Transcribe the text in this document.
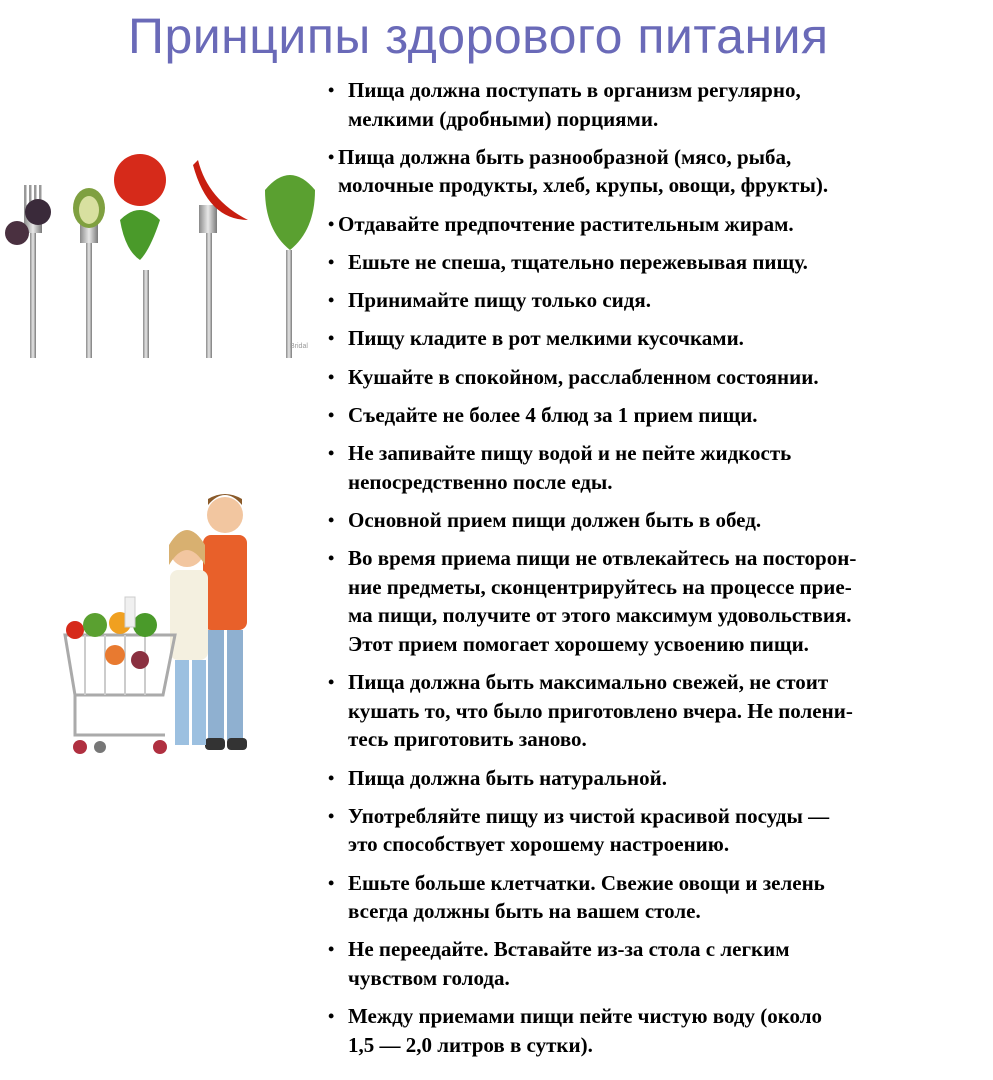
Принципы здорового питания
Bridal
• Пища должна поступать в организм регулярно,
мелкими (дробными) порциями.
• Пища должна быть разнообразной (мясо, рыба,
молочные продукты, хлеб, крупы, овощи, фрукты).
• Отдавайте предпочтение растительным жирам.
• Ешьте не спеша, тщательно пережевывая пищу.
• Принимайте пищу только сидя.
• Пищу кладите в рот мелкими кусочками.
• Кушайте в спокойном, расслабленном состоянии.
• Съедайте не более 4 блюд за 1 прием пищи.
• Не запивайте пищу водой и не пейте жидкость
непосредственно после еды.
• Основной прием пищи должен быть в обед.
• Во время приема пищи не отвлекайтесь на посторон-
ние предметы, сконцентрируйтесь на процессе прие-
ма пищи, получите от этого максимум удовольствия.
Этот прием помогает хорошему усвоению пищи.
• Пища должна быть максимально свежей, не стоит
кушать то, что было приготовлено вчера. Не полени-
тесь приготовить заново.
• Пища должна быть натуральной.
• Употребляйте пищу из чистой красивой посуды —
это способствует хорошему настроению.
• Ешьте больше клетчатки. Свежие овощи и зелень
всегда должны быть на вашем столе.
• Не переедайте. Вставайте из-за стола с легким
чувством голода.
• Между приемами пищи пейте чистую воду (около
1,5 — 2,0 литров в сутки).
